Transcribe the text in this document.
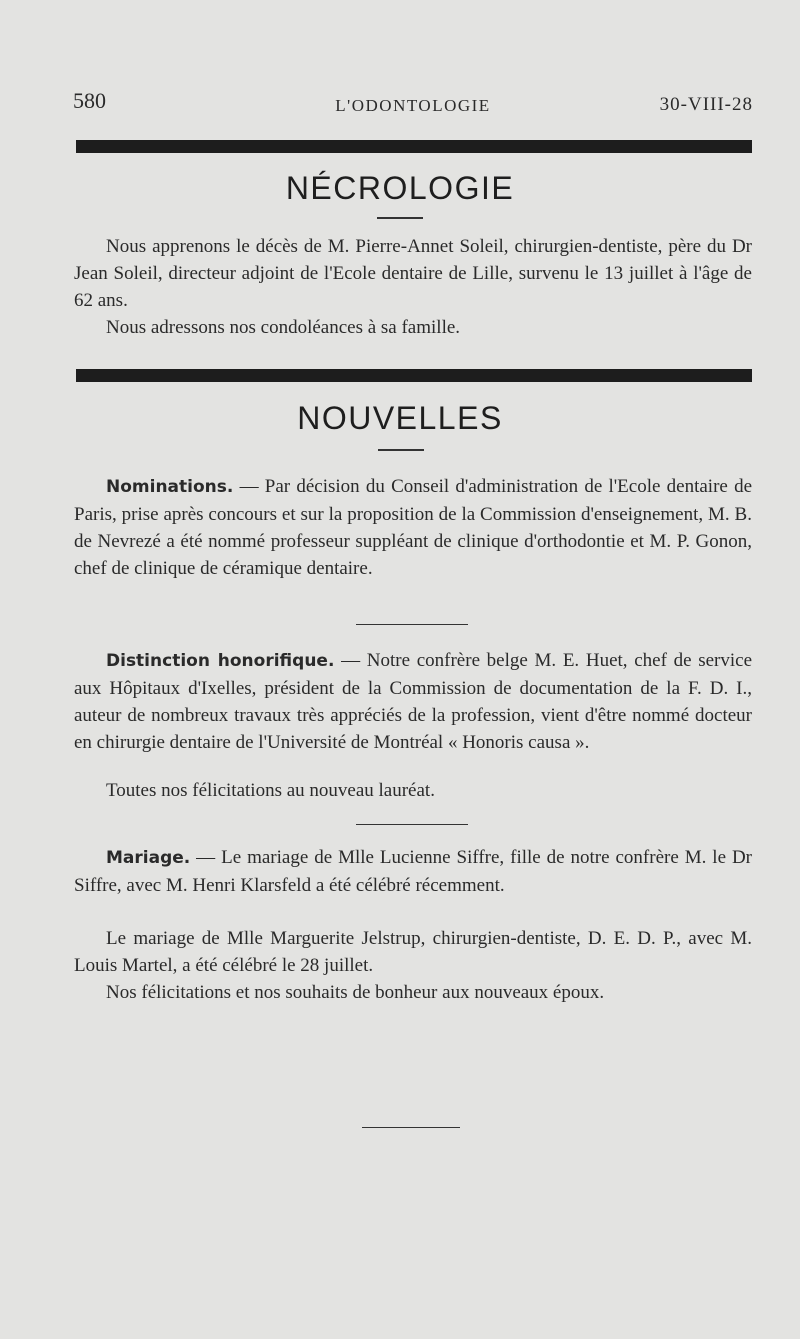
580	L'ODONTOLOGIE	30-VIII-28
NÉCROLOGIE

Nous apprenons le décès de M. Pierre-Annet Soleil, chirurgien-dentiste, père du Dr Jean Soleil, directeur adjoint de l'Ecole dentaire de Lille, survenu le 13 juillet à l'âge de 62 ans.

Nous adressons nos condoléances à sa famille.

NOUVELLES

Nominations. — Par décision du Conseil d'administration de l'Ecole dentaire de Paris, prise après concours et sur la proposition de la Commission d'enseignement, M. B. de Nevrezé a été nommé professeur suppléant de clinique d'orthodontie et M. P. Gonon, chef de clinique de céramique dentaire.

Distinction honorifique. — Notre confrère belge M. E. Huet, chef de service aux Hôpitaux d'Ixelles, président de la Commission de documentation de la F. D. I., auteur de nombreux travaux très appréciés de la profession, vient d'être nommé docteur en chirurgie dentaire de l'Université de Montréal « Honoris causa ».

Toutes nos félicitations au nouveau lauréat.

Mariage. — Le mariage de Mlle Lucienne Siffre, fille de notre confrère M. le Dr Siffre, avec M. Henri Klarsfeld a été célébré récemment.

Le mariage de Mlle Marguerite Jelstrup, chirurgien-dentiste, D. E. D. P., avec M. Louis Martel, a été célébré le 28 juillet.

Nos félicitations et nos souhaits de bonheur aux nouveaux époux.
